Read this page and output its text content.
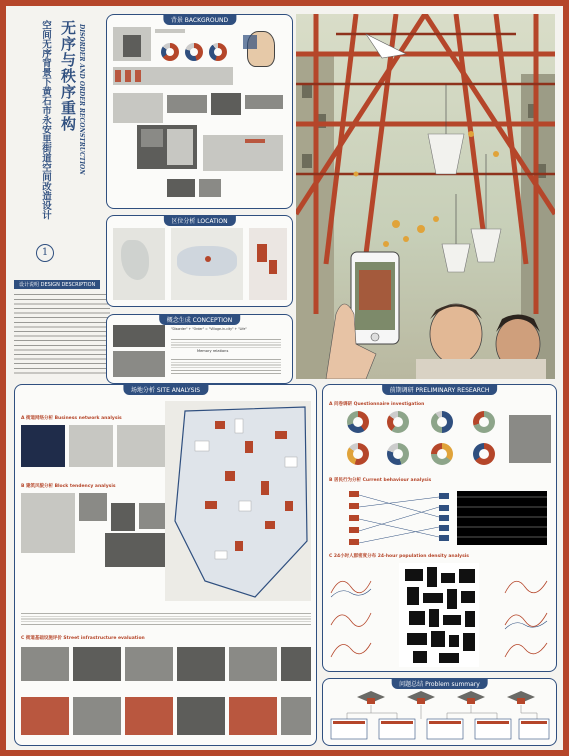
无序与秩序重构
空间无序背景下黄石市永安里街道空间改造设计	DISORDER AND ORDER RECONSTRUCTION
1
设计说明 DESIGN DESCRIPTION
背景 BACKGROUND
区位分析 LOCATION
概念生成 CONCEPTION
"Disorder" + "Order" = "Village-in-city" + "Life"
Memory relations
场地分析 SITE ANALYSIS
A 街道网络分析 Business network analysis
B 建筑风貌分析 Block tendency analysis
C 街道基础设施评价 Street infrastructure evaluation
前期调研 PRELIMINARY RESEARCH
A 问卷调研 Questionnaire investigation
B 居民行为分析 Current behaviour analysis
C 24小时人群密度分布 24-hour population density analysis
问题总结 Problem summary
